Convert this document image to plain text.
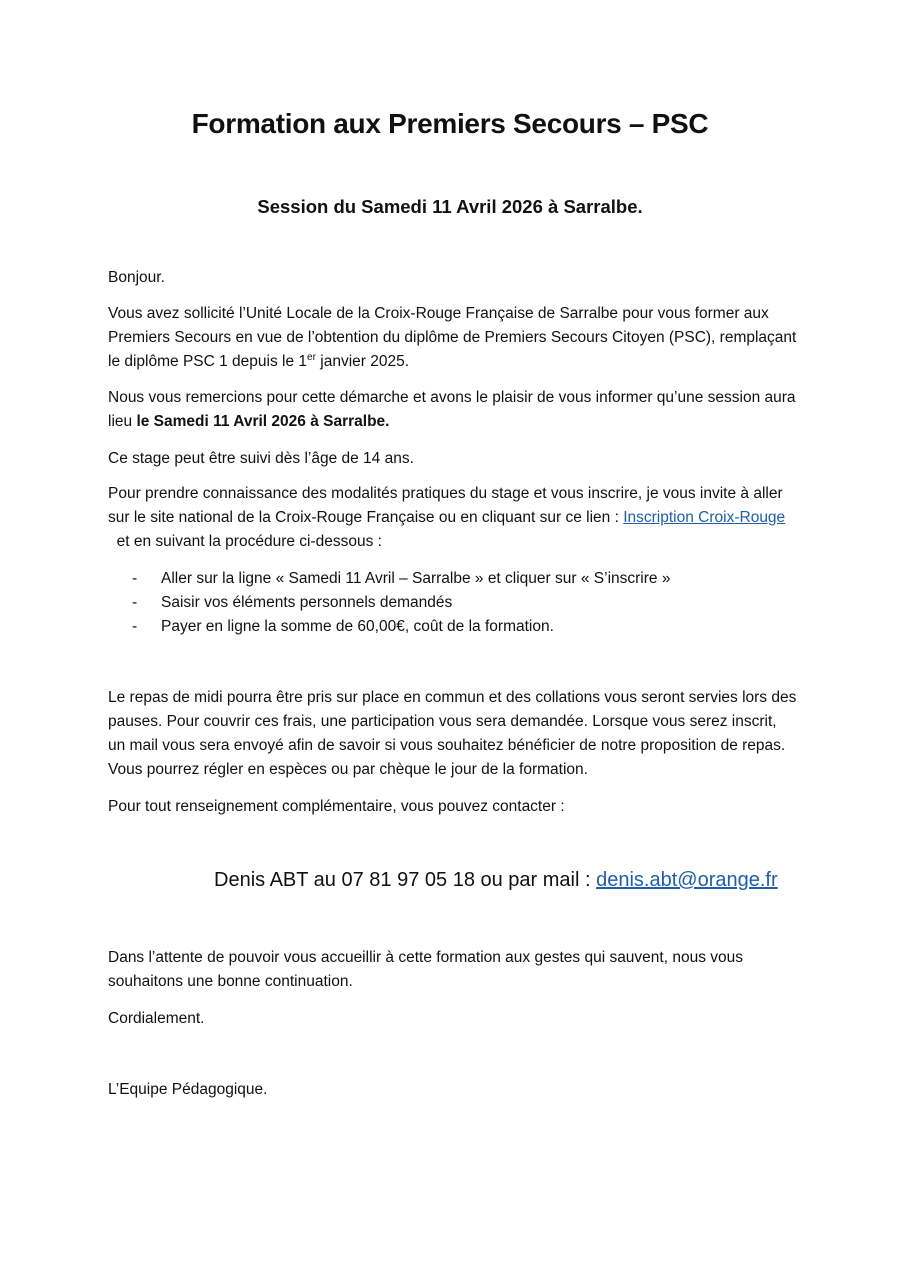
Formation aux Premiers Secours – PSC
Session du Samedi 11 Avril 2026 à Sarralbe.

Bonjour.

Vous avez sollicité l’Unité Locale de la Croix-Rouge Française de Sarralbe pour vous former aux Premiers Secours en vue de l’obtention du diplôme de Premiers Secours Citoyen (PSC), remplaçant le diplôme PSC 1 depuis le 1er janvier 2025.

Nous vous remercions pour cette démarche et avons le plaisir de vous informer qu’une session aura lieu le Samedi 11 Avril 2026 à Sarralbe.

Ce stage peut être suivi dès l’âge de 14 ans.

Pour prendre connaissance des modalités pratiques du stage et vous inscrire, je vous invite à aller sur le site national de la Croix-Rouge Française ou en cliquant sur ce lien : Inscription Croix-Rouge  et en suivant la procédure ci-dessous :

- Aller sur la ligne « Samedi 11 Avril – Sarralbe » et cliquer sur « S’inscrire »
- Saisir vos éléments personnels demandés
- Payer en ligne la somme de 60,00€, coût de la formation.

Le repas de midi pourra être pris sur place en commun et des collations vous seront servies lors des pauses. Pour couvrir ces frais, une participation vous sera demandée. Lorsque vous serez inscrit, un mail vous sera envoyé afin de savoir si vous souhaitez bénéficier de notre proposition de repas. Vous pourrez régler en espèces ou par chèque le jour de la formation.

Pour tout renseignement complémentaire, vous pouvez contacter :

Denis ABT au 07 81 97 05 18 ou par mail : denis.abt@orange.fr

Dans l’attente de pouvoir vous accueillir à cette formation aux gestes qui sauvent, nous vous souhaitons une bonne continuation.

Cordialement.

L’Equipe Pédagogique.
